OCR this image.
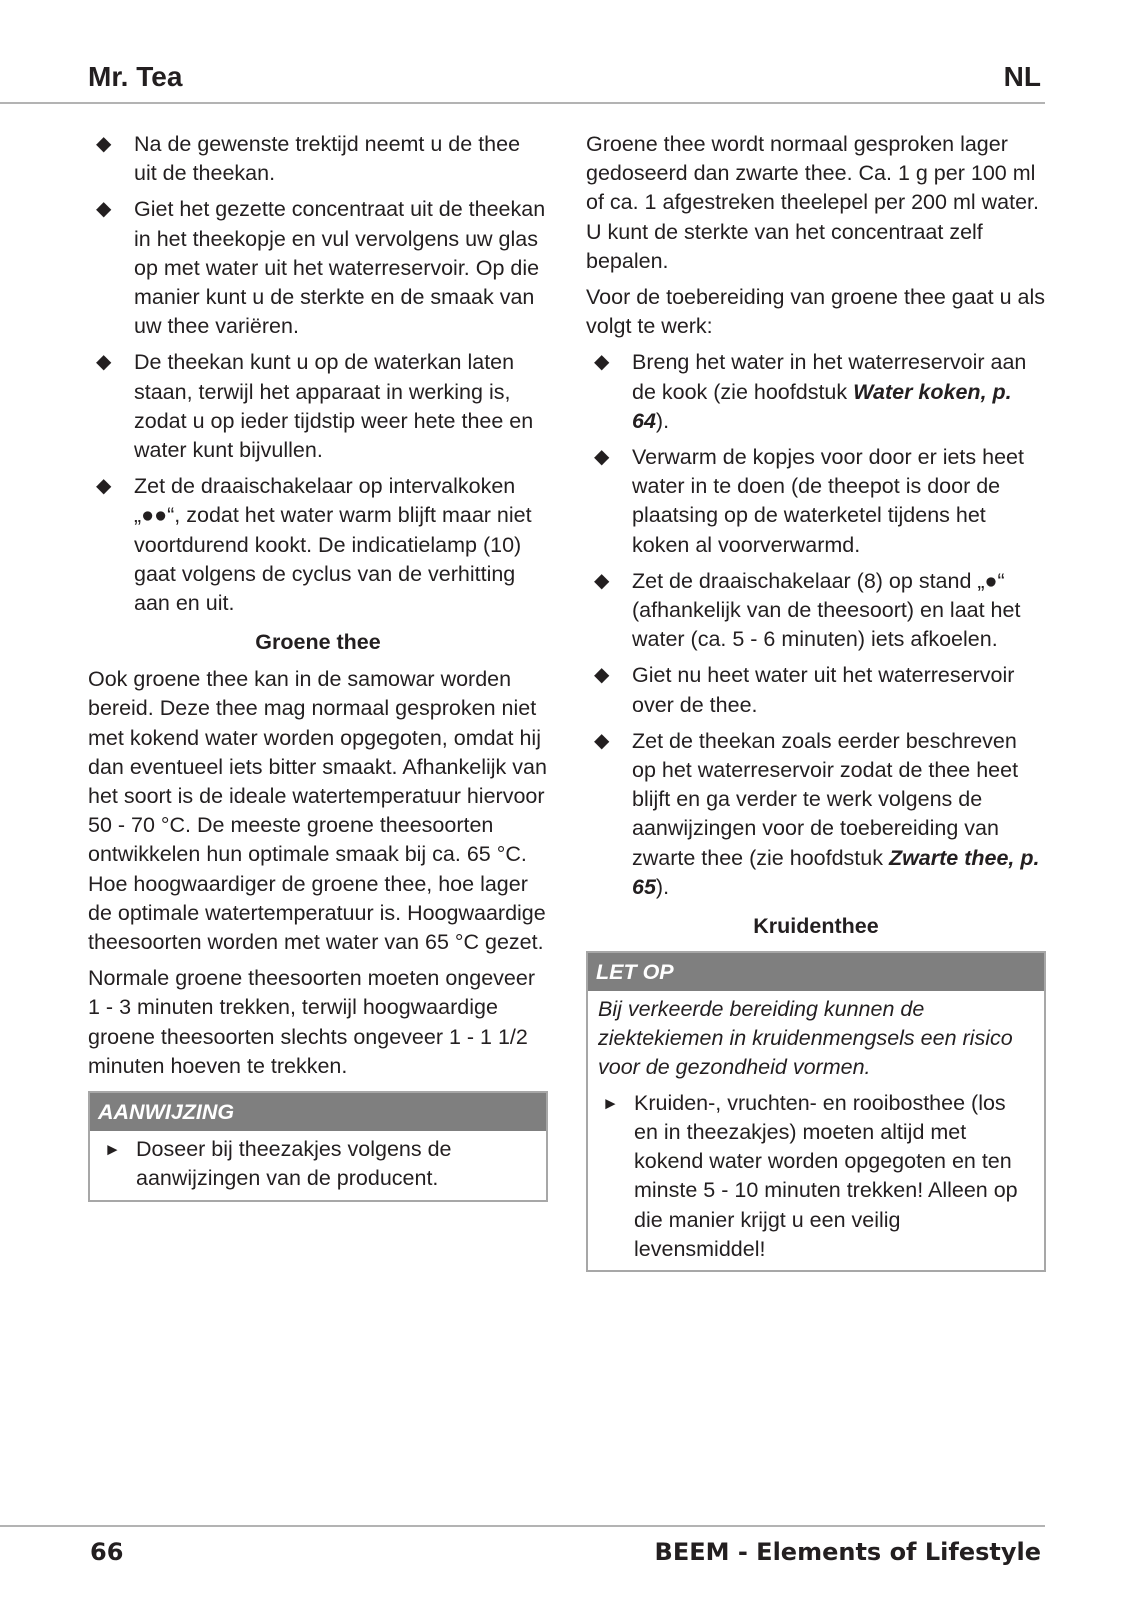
Mr. Tea	NL
◆ Na de gewenste trektijd neemt u de thee uit de theekan.
◆ Giet het gezette concentraat uit de theekan in het theekopje en vul vervolgens uw glas op met water uit het waterreservoir. Op die manier kunt u de sterkte en de smaak van uw thee variëren.
◆ De theekan kunt u op de waterkan laten staan, terwijl het apparaat in werking is, zodat u op ieder tijdstip weer hete thee en water kunt bijvullen.
◆ Zet de draaischakelaar op intervalkoken „●●“, zodat het water warm blijft maar niet voortdurend kookt. De indicatielamp (10) gaat volgens de cyclus van de verhitting aan en uit.
Groene thee

Ook groene thee kan in de samowar worden bereid. Deze thee mag normaal gesproken niet met kokend water worden opgegoten, omdat hij dan eventueel iets bitter smaakt. Afhankelijk van het soort is de ideale watertemperatuur hiervoor 50 - 70 °C. De meeste groene theesoorten ontwikkelen hun optimale smaak bij ca. 65 °C. Hoe hoogwaardiger de groene thee, hoe lager de optimale watertemperatuur is. Hoogwaardige theesoorten worden met water van 65 °C gezet.

Normale groene theesoorten moeten ongeveer 1 - 3 minuten trekken, terwijl hoogwaardige groene theesoorten slechts ongeveer 1 - 1 1/2 minuten hoeven te trekken.

AANWIJZING
► Doseer bij theezakjes volgens de aanwijzingen van de producent.

Groene thee wordt normaal gesproken lager gedoseerd dan zwarte thee. Ca. 1 g per 100 ml of ca. 1 afgestreken theelepel per 200 ml water. U kunt de sterkte van het concentraat zelf bepalen.

Voor de toebereiding van groene thee gaat u als volgt te werk:

◆ Breng het water in het waterreservoir aan de kook (zie hoofdstuk Water koken, p. 64).
◆ Verwarm de kopjes voor door er iets heet water in te doen (de theepot is door de plaatsing op de waterketel tijdens het koken al voorverwarmd.
◆ Zet de draaischakelaar (8) op stand „●“ (afhankelijk van de theesoort) en laat het water (ca. 5 - 6 minuten) iets afkoelen.
◆ Giet nu heet water uit het waterreservoir over de thee.
◆ Zet de theekan zoals eerder beschreven op het waterreservoir zodat de thee heet blijft en ga verder te werk volgens de aanwijzingen voor de toebereiding van zwarte thee (zie hoofdstuk Zwarte thee, p. 65).
Kruidenthee
LET OP

Bij verkeerde bereiding kunnen de ziektekiemen in kruidenmengsels een risico voor de gezondheid vormen.

► Kruiden-, vruchten- en rooibosthee (los en in theezakjes) moeten altijd met kokend water worden opgegoten en ten minste 5 - 10 minuten trekken! Alleen op die manier krijgt u een veilig levensmiddel!
66	BEEM - Elements of Lifestyle
